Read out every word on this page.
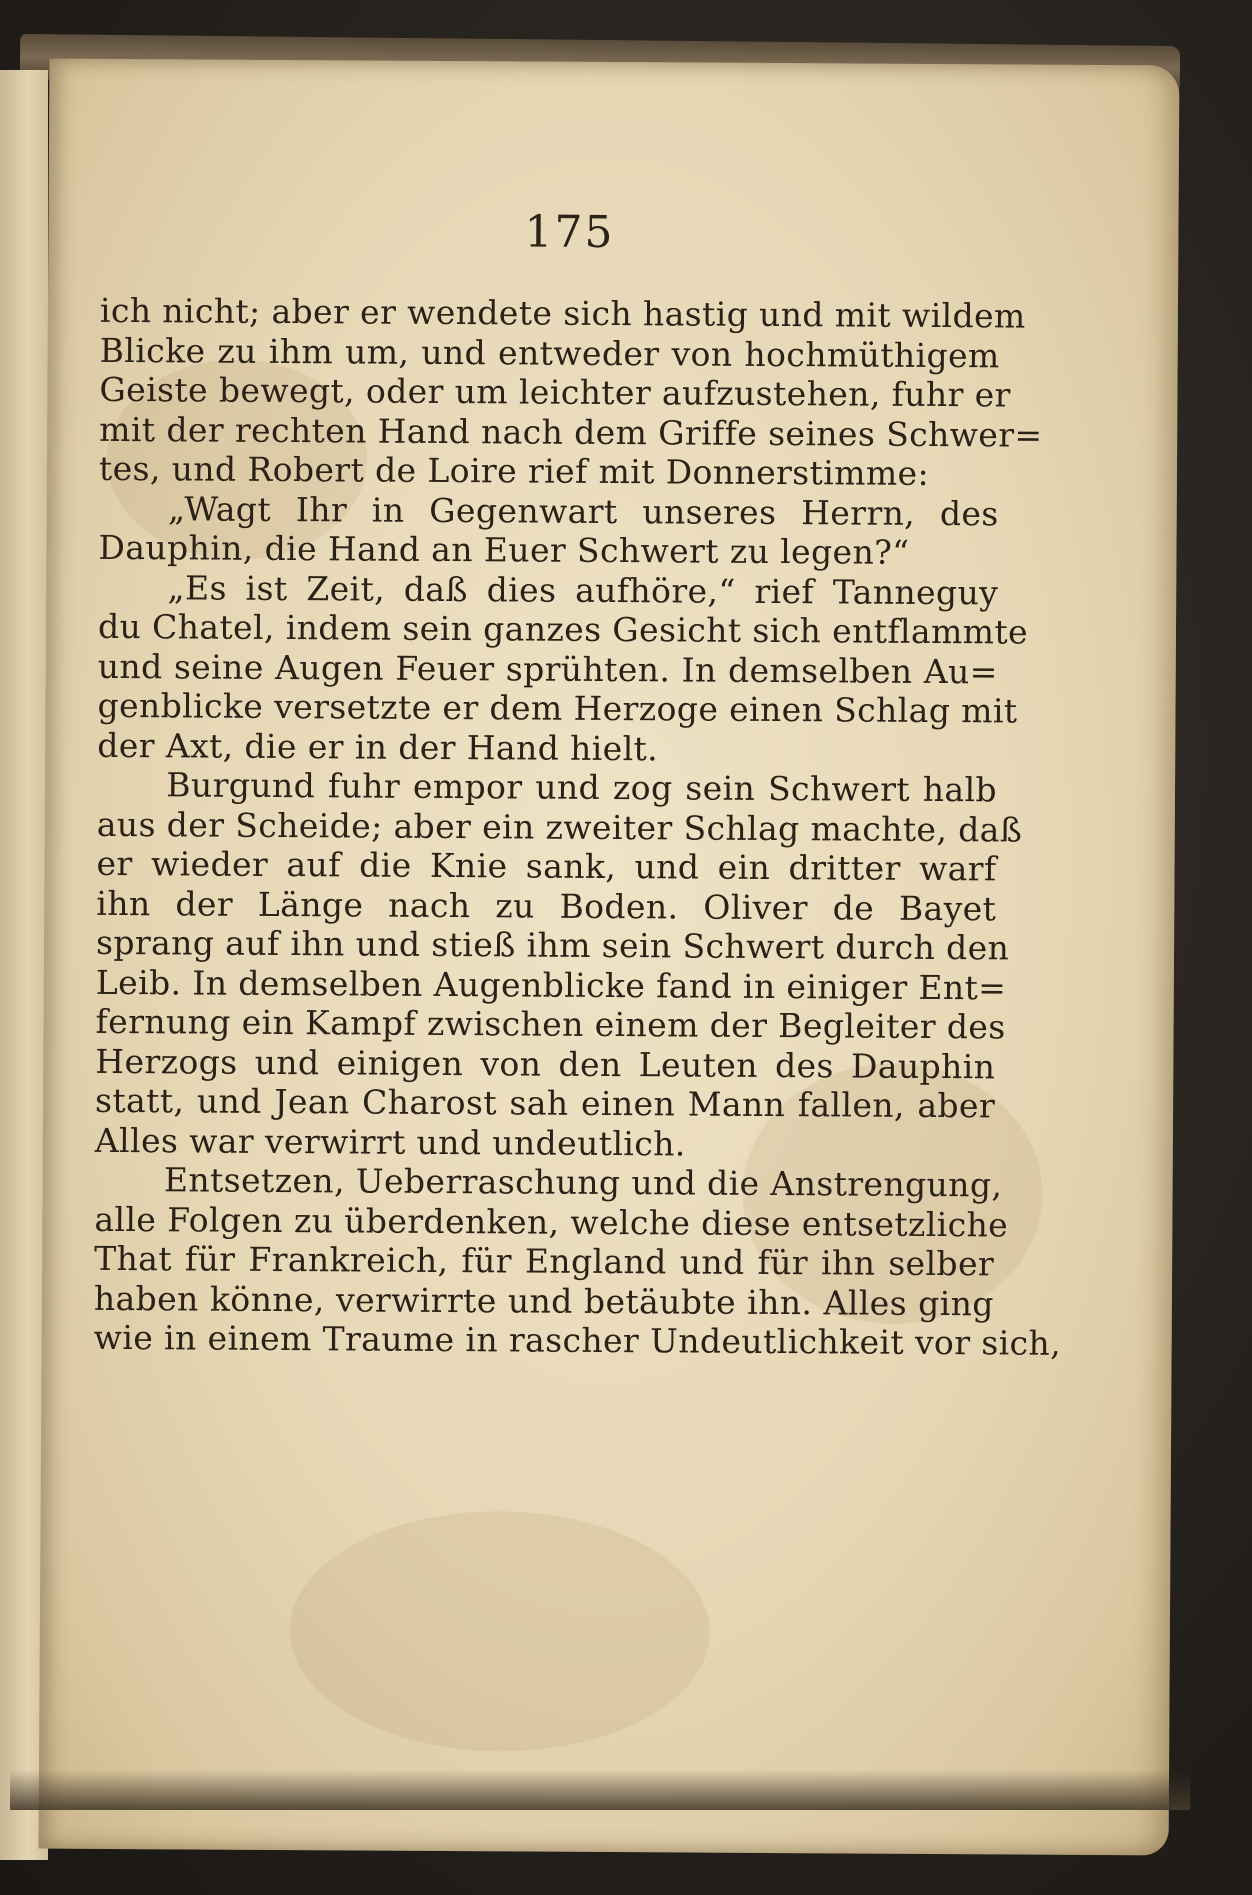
175
ich nicht; aber er wendete sich hastig und mit wildem
Blicke zu ihm um, und entweder von hochmüthigem
Geiste bewegt, oder um leichter aufzustehen, fuhr er
mit der rechten Hand nach dem Griffe seines Schwer=
tes, und Robert de Loire rief mit Donnerstimme:
„Wagt Ihr in Gegenwart unseres Herrn, des
Dauphin, die Hand an Euer Schwert zu legen?“
„Es ist Zeit, daß dies aufhöre,“ rief Tanneguy
du Chatel, indem sein ganzes Gesicht sich entflammte
und seine Augen Feuer sprühten. In demselben Au=
genblicke versetzte er dem Herzoge einen Schlag mit
der Axt, die er in der Hand hielt.
Burgund fuhr empor und zog sein Schwert halb
aus der Scheide; aber ein zweiter Schlag machte, daß
er wieder auf die Knie sank, und ein dritter warf
ihn der Länge nach zu Boden. Oliver de Bayet
sprang auf ihn und stieß ihm sein Schwert durch den
Leib. In demselben Augenblicke fand in einiger Ent=
fernung ein Kampf zwischen einem der Begleiter des
Herzogs und einigen von den Leuten des Dauphin
statt, und Jean Charost sah einen Mann fallen, aber
Alles war verwirrt und undeutlich.
Entsetzen, Ueberraschung und die Anstrengung,
alle Folgen zu überdenken, welche diese entsetzliche
That für Frankreich, für England und für ihn selber
haben könne, verwirrte und betäubte ihn. Alles ging
wie in einem Traume in rascher Undeutlichkeit vor sich,
